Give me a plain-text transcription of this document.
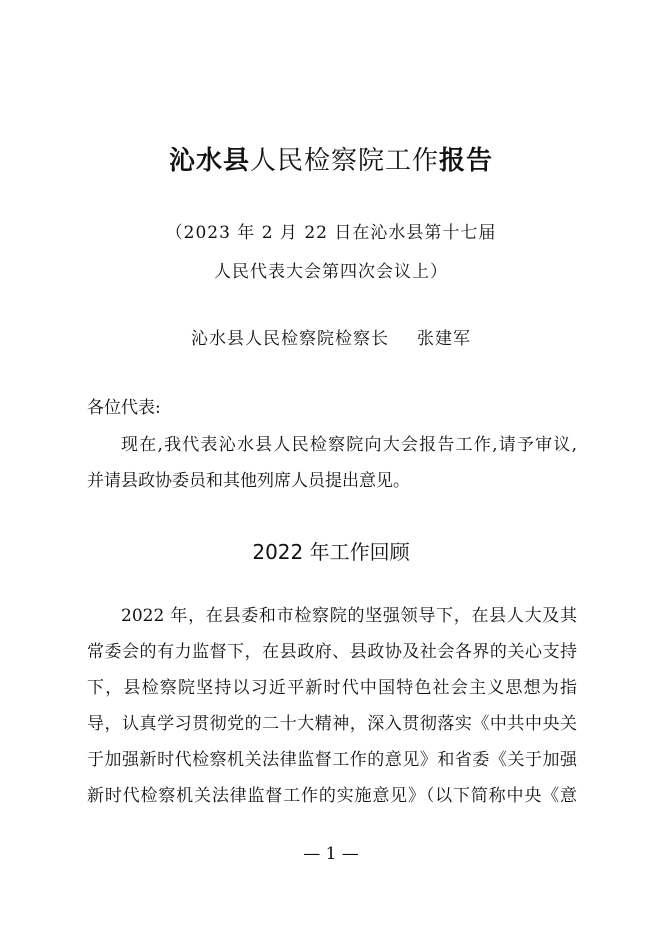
沁水县人民检察院工作报告
（2023 年 2 月 22 日在沁水县第十七届
人民代表大会第四次会议上）
沁水县人民检察院检察长 张建军
各位代表:
现在,我代表沁水县人民检察院向大会报告工作,请予审议,
并请县政协委员和其他列席人员提出意见。
2022 年工作回顾
2022 年，在县委和市检察院的坚强领导下，在县人大及其
常委会的有力监督下，在县政府、县政协及社会各界的关心支持
下，县检察院坚持以习近平新时代中国特色社会主义思想为指
导，认真学习贯彻党的二十大精神，深入贯彻落实《中共中央关
于加强新时代检察机关法律监督工作的意见》和省委《关于加强
新时代检察机关法律监督工作的实施意见》（以下简称中央《意
— 1 —
